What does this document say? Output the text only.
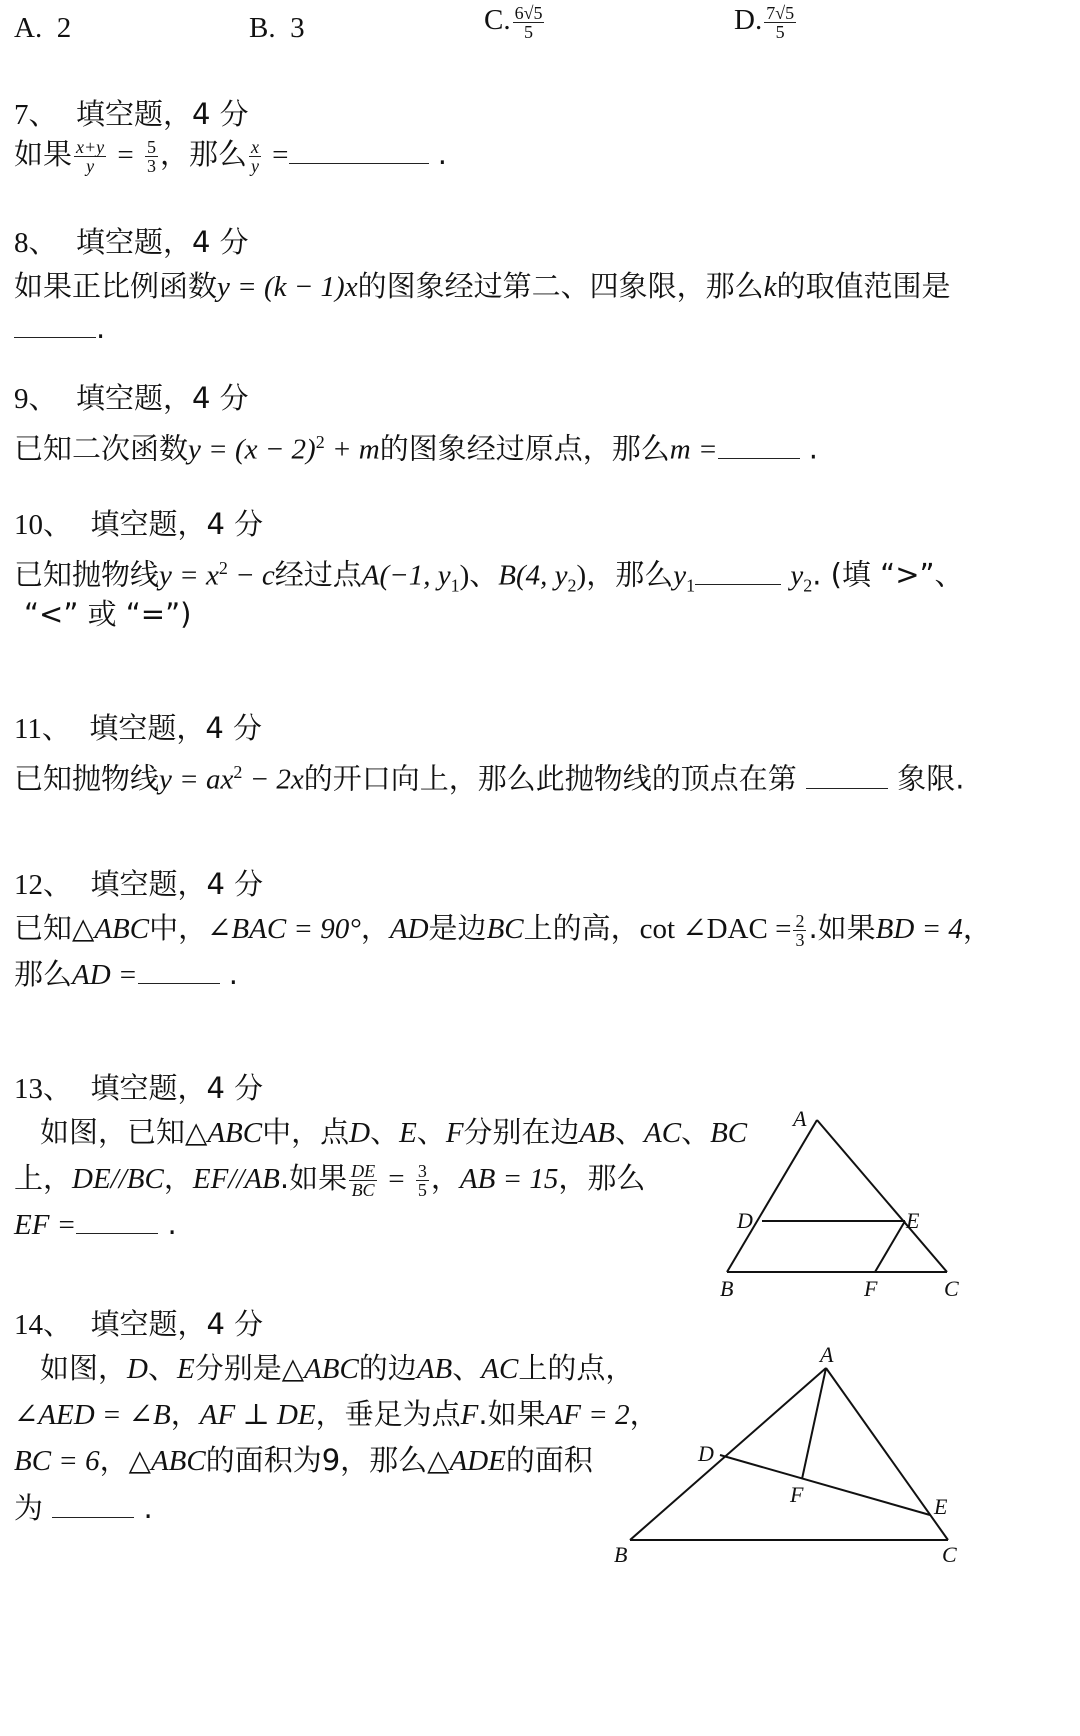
A. 2	B. 3	C. $\frac{6√5}{5}$	D. $\frac{7√5}{5}$
7、 填空题，4 分
如果 $\frac{x+y}{y} = \frac{5}{3}$ ，那么 $\frac{x}{y}$ =	.
8、 填空题，4 分
如果正比例函数y = (k − 1)x的图象经过第二、四象限，那么k的取值范围是
.
9、 填空题，4 分
已知二次函数$y = (x - 2)^2 + m$的图象经过原点，那么m =	.
10、 填空题，4 分
已知抛物线$y = x^2 - c$经过点A(−1, $y_1$)、B(4, $y_2$)，那么$y_1$	$y_2$. (填 “>”、
“<” 或 “=”)
11、 填空题，4 分
已知抛物线$y = ax^2 - 2x$的开口向上，那么此抛物线的顶点在第	象限.
12、 填空题，4 分
已知△ABC中，∠BAC = 90°，AD是边BC上的高，cot ∠DAC = $\frac{2}{3}$ .如果BD = 4，
那么AD =	.
13、 填空题，4 分
如图，已知△ABC中，点D、E、F分别在边AB、AC、BC
上，DE//BC，EF//AB.如果 $\frac{DE}{BC} = \frac{3}{5}$ ，AB = 15，那么
EF =	.
A
B	C
D	E
F
14、 填空题，4 分
如图，D、E分别是△ABC的边AB、AC上的点，
∠AED = ∠B，AF ⊥ DE，垂足为点F.如果AF = 2，
BC = 6，△ABC的面积为9，那么△ADE的面积
为	.
A
B	C
D
E
F
